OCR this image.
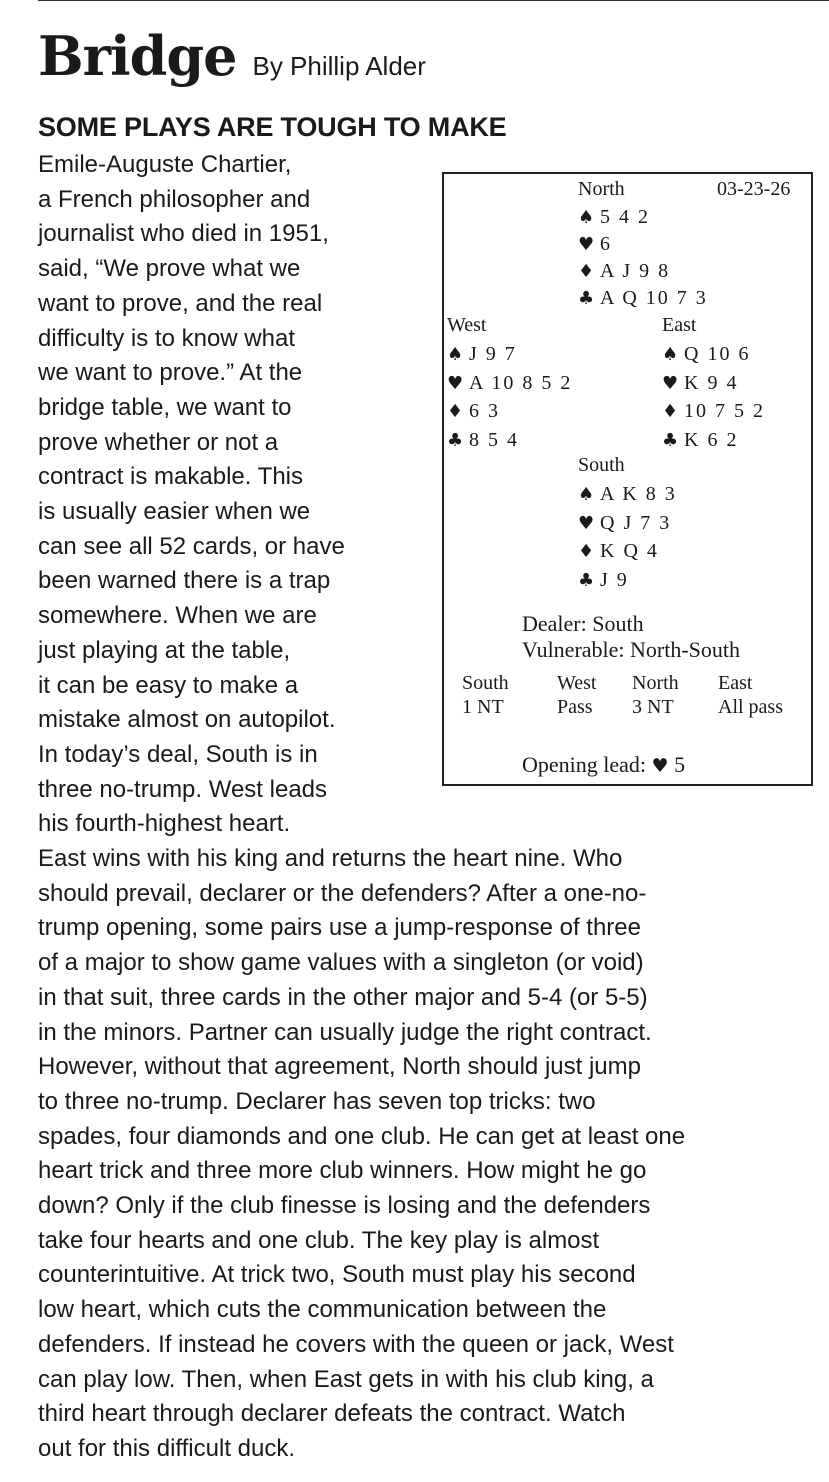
Bridge By Phillip Alder
SOME PLAYS ARE TOUGH TO MAKE
Emile-Auguste Chartier,
a French philosopher and
journalist who died in 1951,
said, “We prove what we
want to prove, and the real
difficulty is to know what
we want to prove.” At the
bridge table, we want to
prove whether or not a
contract is makable. This
is usually easier when we
can see all 52 cards, or have
been warned there is a trap
somewhere. When we are
just playing at the table,
it can be easy to make a
mistake almost on autopilot.
In today’s deal, South is in
three no-trump. West leads
his fourth-highest heart.
North	03-23-26
♠ 5 4 2
♥ 6
♦ A J 9 8
♣ A Q 10 7 3
West
♠ J 9 7
♥ A 10 8 5 2
♦ 6 3
♣ 8 5 4
East
♠ Q 10 6
♥ K 9 4
♦ 10 7 5 2
♣ K 6 2
South
♠ A K 8 3
♥ Q J 7 3
♦ K Q 4
♣ J 9
Dealer: South
Vulnerable: North-South
South West North East
1 NT	Pass 3 NT All pass
Opening lead: ♥ 5
East wins with his king and returns the heart nine. Who
should prevail, declarer or the defenders? After a one-no-
trump opening, some pairs use a jump-response of three
of a major to show game values with a singleton (or void)
in that suit, three cards in the other major and 5-4 (or 5-5)
in the minors. Partner can usually judge the right contract.
However, without that agreement, North should just jump
to three no-trump. Declarer has seven top tricks: two
spades, four diamonds and one club. He can get at least one
heart trick and three more club winners. How might he go
down? Only if the club finesse is losing and the defenders
take four hearts and one club. The key play is almost
counterintuitive. At trick two, South must play his second
low heart, which cuts the communication between the
defenders. If instead he covers with the queen or jack, West
can play low. Then, when East gets in with his club king, a
third heart through declarer defeats the contract. Watch
out for this difficult duck.
